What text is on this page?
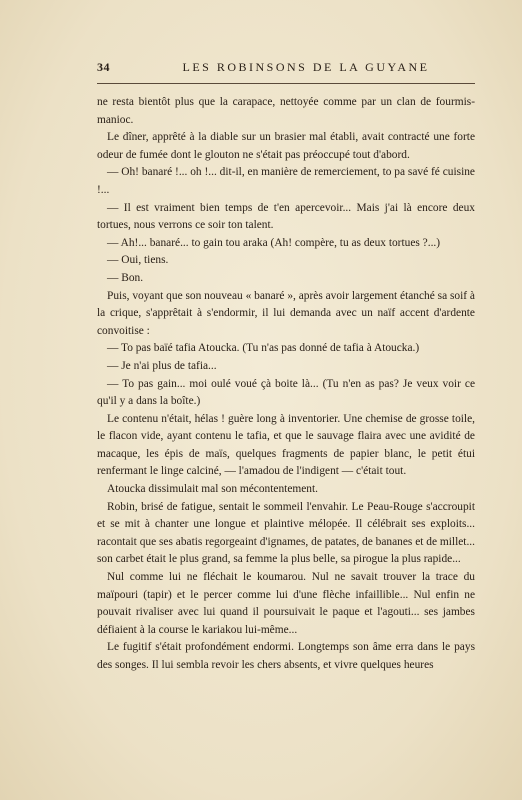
34	LES ROBINSONS DE LA GUYANE

ne resta bientôt plus que la carapace, nettoyée comme par un clan de fourmis-manioc.

Le dîner, apprêté à la diable sur un brasier mal établi, avait contracté une forte odeur de fumée dont le glouton ne s'était pas préoccupé tout d'abord.

— Oh! banaré !... oh !... dit-il, en manière de remerciement, to pa savé fé cuisine !...

— Il est vraiment bien temps de t'en apercevoir... Mais j'ai là encore deux tortues, nous verrons ce soir ton talent.

— Ah!... banaré... to gain tou araka (Ah! compère, tu as deux tortues ?...)

— Oui, tiens.

— Bon.

Puis, voyant que son nouveau « banaré », après avoir largement étanché sa soif à la crique, s'apprêtait à s'endormir, il lui demanda avec un naïf accent d'ardente convoitise :

— To pas baïé tafia Atoucka. (Tu n'as pas donné de tafia à Atoucka.)

— Je n'ai plus de tafia...

— To pas gain... moi oulé voué çà boite là... (Tu n'en as pas? Je veux voir ce qu'il y a dans la boîte.)

Le contenu n'était, hélas ! guère long à inventorier. Une chemise de grosse toile, le flacon vide, ayant contenu le tafia, et que le sauvage flaira avec une avidité de macaque, les épis de maïs, quelques fragments de papier blanc, le petit étui renfermant le linge calciné, — l'amadou de l'indigent — c'était tout.

Atoucka dissimulait mal son mécontentement.

Robin, brisé de fatigue, sentait le sommeil l'envahir. Le Peau-Rouge s'accroupit et se mit à chanter une longue et plaintive mélopée. Il célébrait ses exploits... racontait que ses abatis regorgeaint d'ignames, de patates, de bananes et de millet... son carbet était le plus grand, sa femme la plus belle, sa pirogue la plus rapide...

Nul comme lui ne fléchait le koumarou. Nul ne savait trouver la trace du maïpouri (tapir) et le percer comme lui d'une flèche infaillible... Nul enfin ne pouvait rivaliser avec lui quand il poursuivait le paque et l'agouti... ses jambes défiaient à la course le kariakou lui-même...

Le fugitif s'était profondément endormi. Longtemps son âme erra dans le pays des songes. Il lui sembla revoir les chers absents, et vivre quelques heures
